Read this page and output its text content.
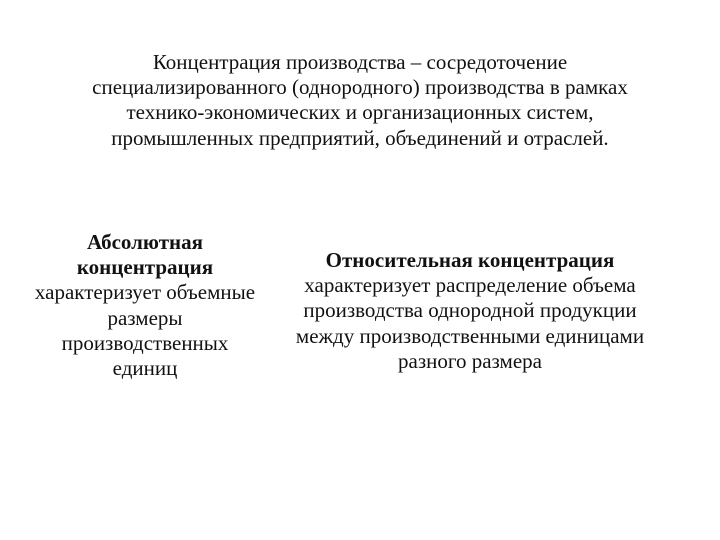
Концентрация производства – сосредоточение специализированного (однородного) производства в рамках технико-экономических и организационных систем, промышленных предприятий, объединений и отраслей.

Абсолютная концентрация
характеризует объемные размеры производственных единиц
Относительная концентрация
характеризует распределение объема производства однородной продукции между производственными единицами разного размера
